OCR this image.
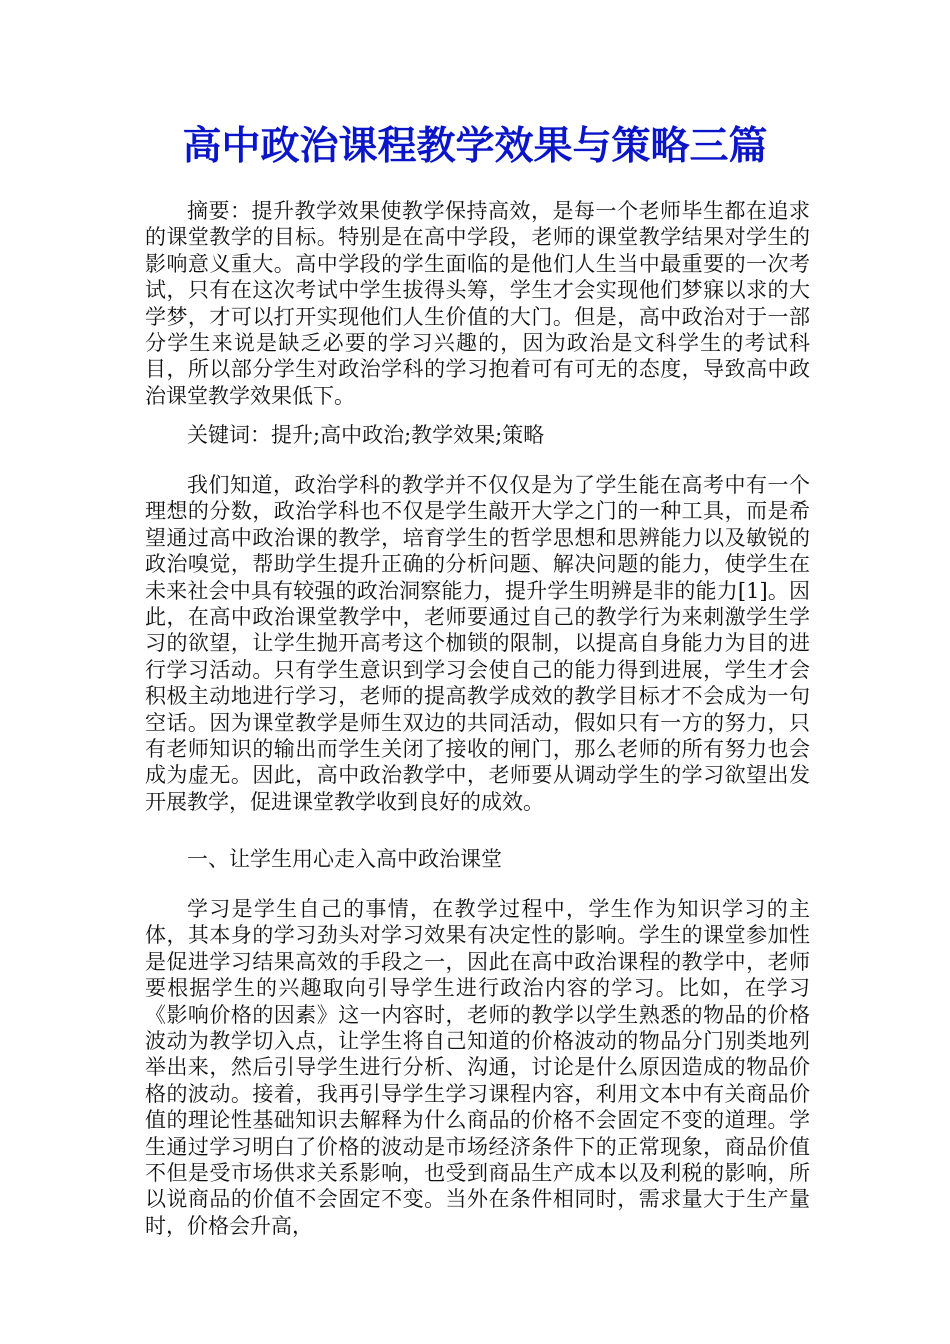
高中政治课程教学效果与策略三篇

摘要：提升教学效果使教学保持高效，是每一个老师毕生都在追求的课堂教学的目标。特别是在高中学段，老师的课堂教学结果对学生的影响意义重大。高中学段的学生面临的是他们人生当中最重要的一次考试，只有在这次考试中学生拔得头筹，学生才会实现他们梦寐以求的大学梦，才可以打开实现他们人生价值的大门。但是，高中政治对于一部分学生来说是缺乏必要的学习兴趣的，因为政治是文科学生的考试科目，所以部分学生对政治学科的学习抱着可有可无的态度，导致高中政治课堂教学效果低下。

关键词：提升;高中政治;教学效果;策略

我们知道，政治学科的教学并不仅仅是为了学生能在高考中有一个理想的分数，政治学科也不仅是学生敲开大学之门的一种工具，而是希望通过高中政治课的教学，培育学生的哲学思想和思辨能力以及敏锐的政治嗅觉，帮助学生提升正确的分析问题、解决问题的能力，使学生在未来社会中具有较强的政治洞察能力，提升学生明辨是非的能力[1]。因此，在高中政治课堂教学中，老师要通过自己的教学行为来刺激学生学习的欲望，让学生抛开高考这个枷锁的限制，以提高自身能力为目的进行学习活动。只有学生意识到学习会使自己的能力得到进展，学生才会积极主动地进行学习，老师的提高教学成效的教学目标才不会成为一句空话。因为课堂教学是师生双边的共同活动，假如只有一方的努力，只有老师知识的输出而学生关闭了接收的闸门，那么老师的所有努力也会成为虚无。因此，高中政治教学中，老师要从调动学生的学习欲望出发开展教学，促进课堂教学收到良好的成效。

一、让学生用心走入高中政治课堂

学习是学生自己的事情，在教学过程中，学生作为知识学习的主体，其本身的学习劲头对学习效果有决定性的影响。学生的课堂参加性是促进学习结果高效的手段之一，因此在高中政治课程的教学中，老师要根据学生的兴趣取向引导学生进行政治内容的学习。比如，在学习《影响价格的因素》这一内容时，老师的教学以学生熟悉的物品的价格波动为教学切入点，让学生将自己知道的价格波动的物品分门别类地列举出来，然后引导学生进行分析、沟通，讨论是什么原因造成的物品价格的波动。接着，我再引导学生学习课程内容，利用文本中有关商品价值的理论性基础知识去解释为什么商品的价格不会固定不变的道理。学生通过学习明白了价格的波动是市场经济条件下的正常现象，商品价值不但是受市场供求关系影响，也受到商品生产成本以及利税的影响，所以说商品的价值不会固定不变。当外在条件相同时，需求量大于生产量时，价格会升高，
